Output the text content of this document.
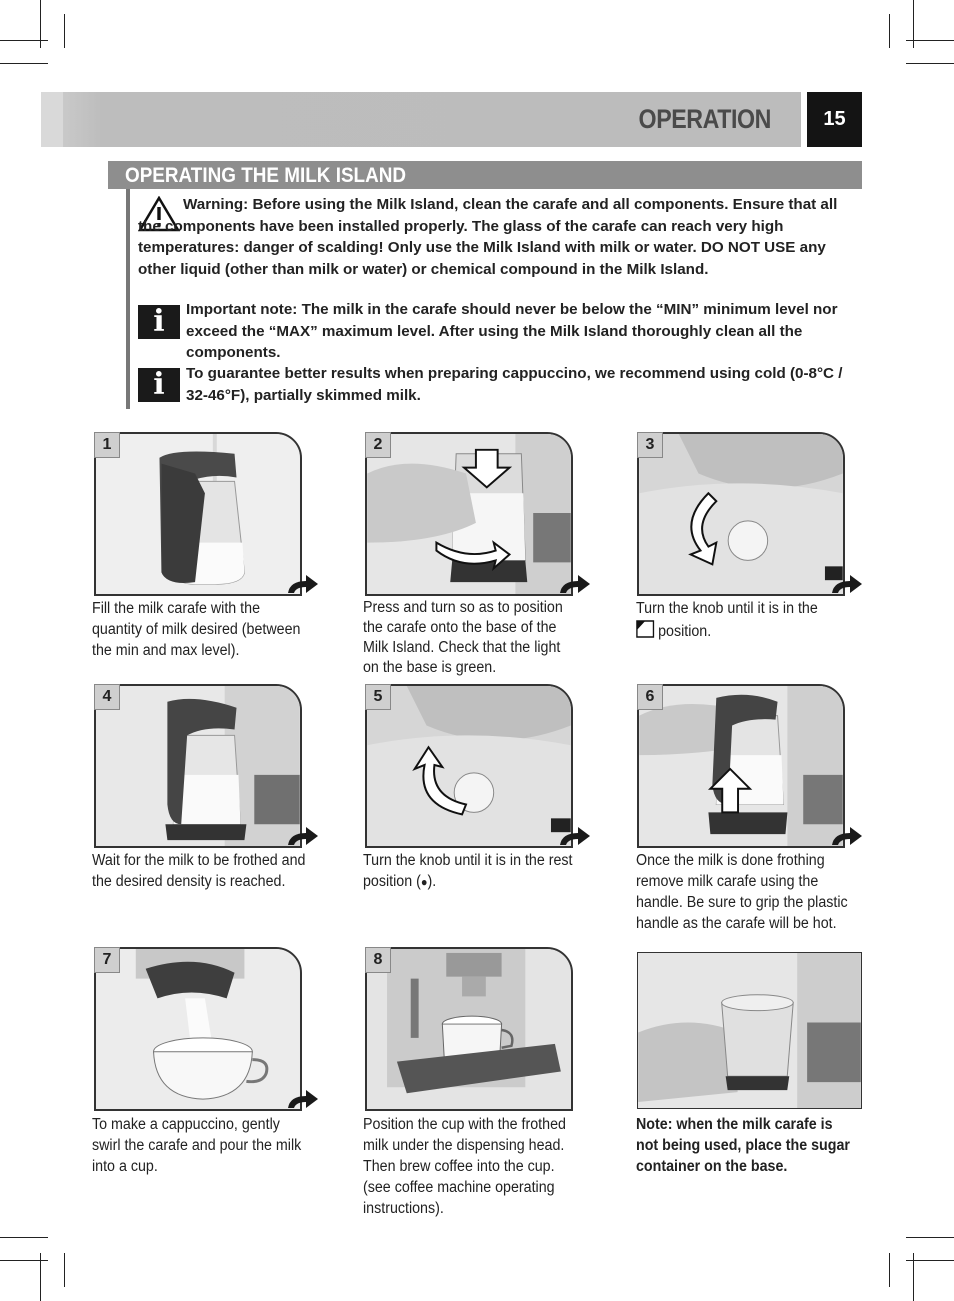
OPERATION	15
OPERATING THE MILK ISLAND
Warning: Before using the Milk Island, clean the carafe and all components. Ensure that all the components have been installed properly. The glass of the carafe can reach very high temperatures: danger of scalding! Only use the Milk Island with milk or water. DO NOT USE any other liquid (other than milk or water) or chemical compound in the Milk Island.
i	Important note: The milk in the carafe should never be below the “MIN” minimum level nor exceed the “MAX” maximum level. After using the Milk Island thoroughly clean all the components.
i	To guarantee better results when preparing cappuccino, we recommend using cold (0-8°C / 32-46°F), partially skimmed milk.
1
Fill the milk carafe with the quantity of milk desired (between the min and max level).
2
Press and turn so as to position the carafe onto the base of the Milk Island. Check that the light on the base is green.
3
Turn the knob until it is in the
position.
4
Wait for the milk to be frothed and the desired density is reached.
5
Turn the knob until it is in the rest position (●).
6
Once the milk is done frothing remove milk carafe using the handle. Be sure to grip the plastic handle as the carafe will be hot.
7
To make a cappuccino, gently swirl the carafe and pour the milk into a cup.
8
Position the cup with the frothed milk under the dispensing head. Then brew coffee into the cup. (see coffee machine operating instructions).
Note: when the milk carafe is not being used, place the sugar container on the base.
